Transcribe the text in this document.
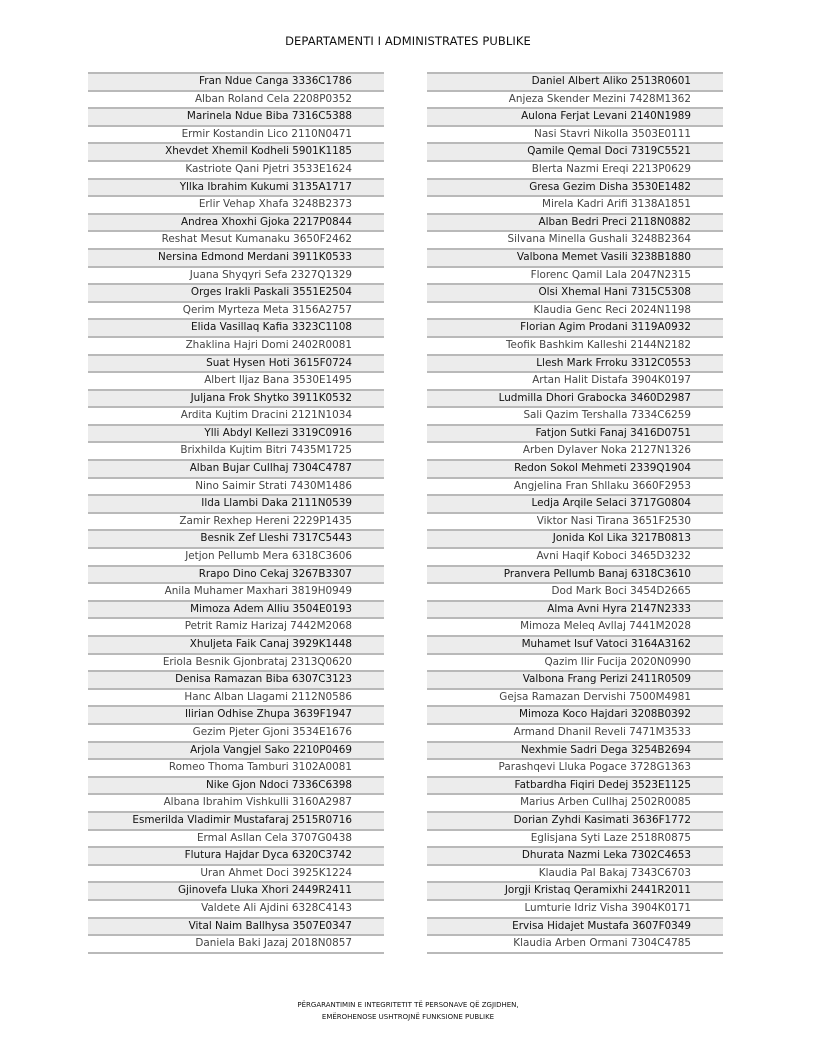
DEPARTAMENTI I ADMINISTRATES PUBLIKE
Fran Ndue Canga 3336C1786
Alban Roland Cela 2208P0352
Marinela Ndue Biba 7316C5388
Ermir Kostandin Lico 2110N0471
Xhevdet Xhemil Kodheli 5901K1185
Kastriote Qani Pjetri 3533E1624
Yllka Ibrahim Kukumi 3135A1717
Erlir Vehap Xhafa 3248B2373
Andrea Xhoxhi Gjoka 2217P0844
Reshat Mesut Kumanaku 3650F2462
Nersina Edmond Merdani 3911K0533
Juana Shyqyri Sefa 2327Q1329
Orges Irakli Paskali 3551E2504
Qerim Myrteza Meta 3156A2757
Elida Vasillaq Kafia 3323C1108
Zhaklina Hajri Domi 2402R0081
Suat Hysen Hoti 3615F0724
Albert Iljaz Bana 3530E1495
Juljana Frok Shytko 3911K0532
Ardita Kujtim Dracini 2121N1034
Ylli Abdyl Kellezi 3319C0916
Brixhilda Kujtim Bitri 7435M1725
Alban Bujar Cullhaj 7304C4787
Nino Saimir Strati 7430M1486
Ilda Llambi Daka 2111N0539
Zamir Rexhep Hereni 2229P1435
Besnik Zef Lleshi 7317C5443
Jetjon Pellumb Mera 6318C3606
Rrapo Dino Cekaj 3267B3307
Anila Muhamer Maxhari 3819H0949
Mimoza Adem Alliu 3504E0193
Petrit Ramiz Harizaj 7442M2068
Xhuljeta Faik Canaj 3929K1448
Eriola Besnik Gjonbrataj 2313Q0620
Denisa Ramazan Biba 6307C3123
Hanc Alban Llagami 2112N0586
Ilirian Odhise Zhupa 3639F1947
Gezim Pjeter Gjoni 3534E1676
Arjola Vangjel Sako 2210P0469
Romeo Thoma Tamburi 3102A0081
Nike Gjon Ndoci 7336C6398
Albana Ibrahim Vishkulli 3160A2987
Esmerilda Vladimir Mustafaraj 2515R0716
Ermal Asllan Cela 3707G0438
Flutura Hajdar Dyca 6320C3742
Uran Ahmet Doci 3925K1224
Gjinovefa Lluka Xhori 2449R2411
Valdete Ali Ajdini 6328C4143
Vital Naim Ballhysa 3507E0347
Daniela Baki Jazaj 2018N0857
Daniel Albert Aliko 2513R0601
Anjeza Skender Mezini 7428M1362
Aulona Ferjat Levani 2140N1989
Nasi Stavri Nikolla 3503E0111
Qamile Qemal Doci 7319C5521
Blerta Nazmi Ereqi 2213P0629
Gresa Gezim Disha 3530E1482
Mirela Kadri Arifi 3138A1851
Alban Bedri Preci 2118N0882
Silvana Minella Gushali 3248B2364
Valbona Memet Vasili 3238B1880
Florenc Qamil Lala 2047N2315
Olsi Xhemal Hani 7315C5308
Klaudia Genc Reci 2024N1198
Florian Agim Prodani 3119A0932
Teofik Bashkim Kalleshi 2144N2182
Llesh Mark Frroku 3312C0553
Artan Halit Distafa 3904K0197
Ludmilla Dhori Grabocka 3460D2987
Sali Qazim Tershalla 7334C6259
Fatjon Sutki Fanaj 3416D0751
Arben Dylaver Noka 2127N1326
Redon Sokol Mehmeti 2339Q1904
Angjelina Fran Shllaku 3660F2953
Ledja Arqile Selaci 3717G0804
Viktor Nasi Tirana 3651F2530
Jonida Kol Lika 3217B0813
Avni Haqif Koboci 3465D3232
Pranvera Pellumb Banaj 6318C3610
Dod Mark Boci 3454D2665
Alma Avni Hyra 2147N2333
Mimoza Meleq Avllaj 7441M2028
Muhamet Isuf Vatoci 3164A3162
Qazim Ilir Fucija 2020N0990
Valbona Frang Perizi 2411R0509
Gejsa Ramazan Dervishi 7500M4981
Mimoza Koco Hajdari 3208B0392
Armand Dhanil Reveli 7471M3533
Nexhmie Sadri Dega 3254B2694
Parashqevi Lluka Pogace 3728G1363
Fatbardha Fiqiri Dedej 3523E1125
Marius Arben Cullhaj 2502R0085
Dorian Zyhdi Kasimati 3636F1772
Eglisjana Syti Laze 2518R0875
Dhurata Nazmi Leka 7302C4653
Klaudia Pal Bakaj 7343C6703
Jorgji Kristaq Qeramixhi 2441R2011
Lumturie Idriz Visha 3904K0171
Ervisa Hidajet Mustafa 3607F0349
Klaudia Arben Ormani 7304C4785
PËRGARANTIMIN E INTEGRITETIT TË PERSONAVE QË ZGJIDHEN,
EMËROHENOSE USHTROJNË FUNKSIONE PUBLIKE
